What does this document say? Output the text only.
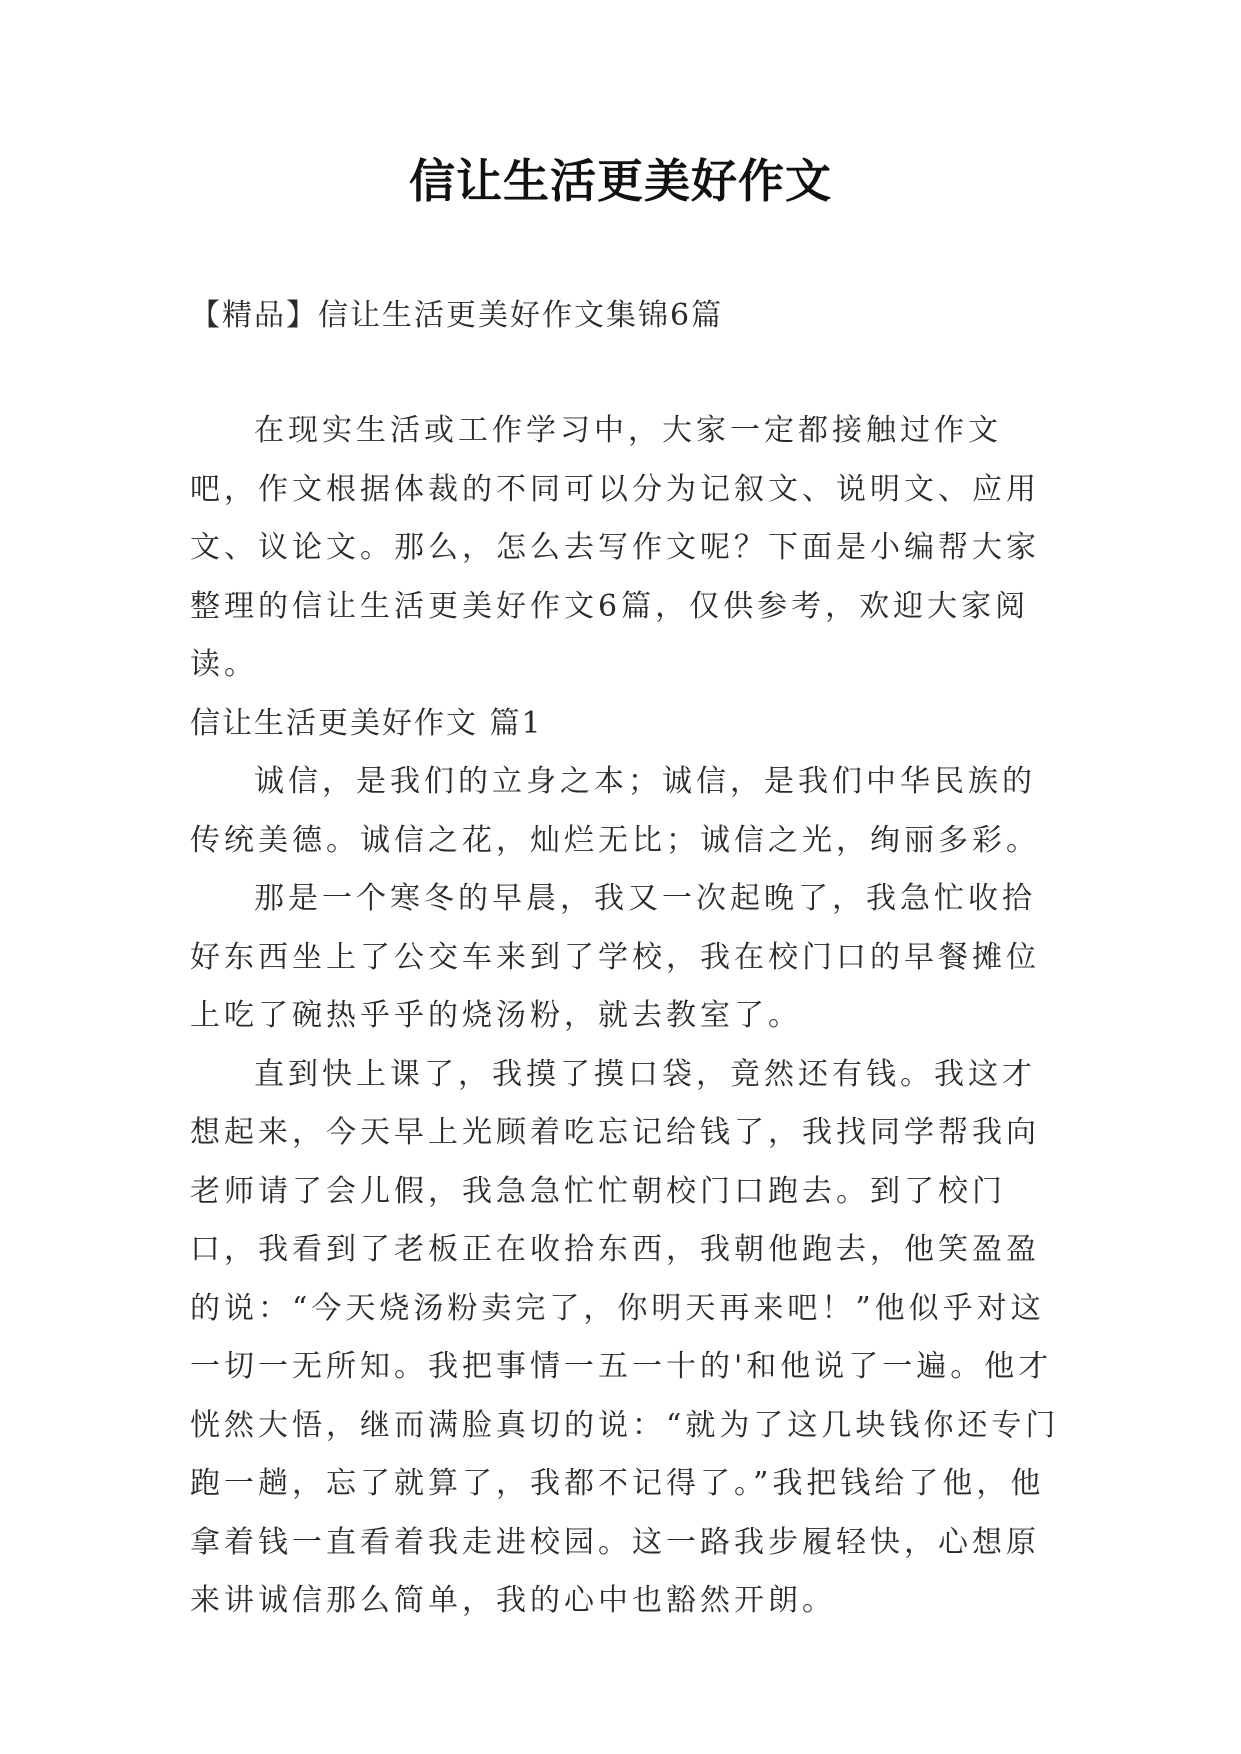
信让生活更美好作文
【精品】信让生活更美好作文集锦6篇

在现实生活或工作学习中，大家一定都接触过作文吧，作文根据体裁的不同可以分为记叙文、说明文、应用文、议论文。那么，怎么去写作文呢？下面是小编帮大家整理的信让生活更美好作文6篇，仅供参考，欢迎大家阅读。

信让生活更美好作文 篇1

诚信，是我们的立身之本；诚信，是我们中华民族的传统美德。诚信之花，灿烂无比；诚信之光，绚丽多彩。

那是一个寒冬的早晨，我又一次起晚了，我急忙收拾好东西坐上了公交车来到了学校，我在校门口的早餐摊位上吃了碗热乎乎的烧汤粉，就去教室了。

直到快上课了，我摸了摸口袋，竟然还有钱。我这才想起来，今天早上光顾着吃忘记给钱了，我找同学帮我向老师请了会儿假，我急急忙忙朝校门口跑去。到了校门口，我看到了老板正在收拾东西，我朝他跑去，他笑盈盈的说：“今天烧汤粉卖完了，你明天再来吧！”他似乎对这一切一无所知。我把事情一五一十的'和他说了一遍。他才恍然大悟，继而满脸真切的说：“就为了这几块钱你还专门跑一趟，忘了就算了，我都不记得了。”我把钱给了他，他拿着钱一直看着我走进校园。这一路我步履轻快，心想原来讲诚信那么简单，我的心中也豁然开朗。
